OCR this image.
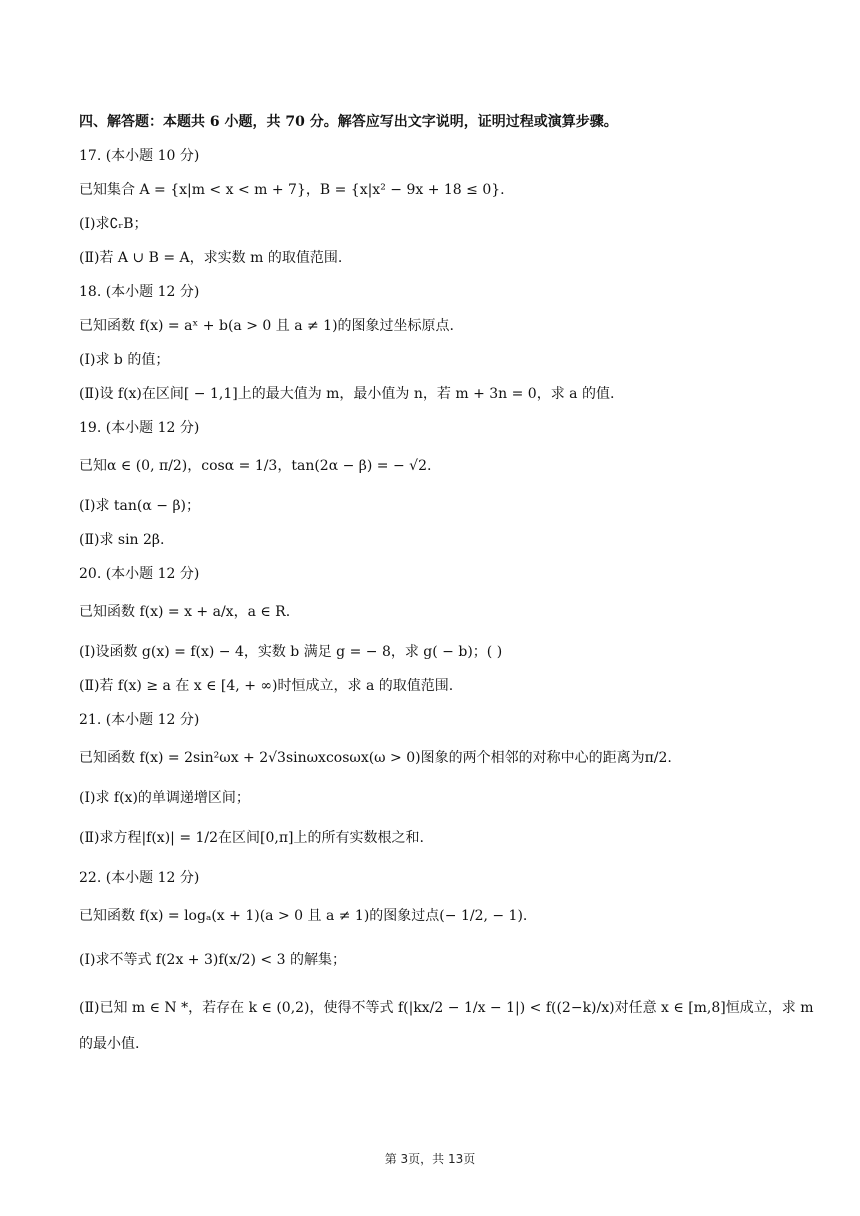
四、解答题：本题共 6 小题，共 70 分。解答应写出文字说明，证明过程或演算步骤。
17. (本小题 10 分)
已知集合 A = {x|m < x < m + 7}，B = {x|x² − 9x + 18 ≤ 0}.
(Ⅰ)求∁ᵣB；
(Ⅱ)若 A ∪ B = A，求实数 m 的取值范围.
18. (本小题 12 分)
已知函数 f(x) = aˣ + b(a > 0 且 a ≠ 1)的图象过坐标原点.
(Ⅰ)求 b 的值；
(Ⅱ)设 f(x)在区间[ − 1,1]上的最大值为 m，最小值为 n，若 m + 3n = 0，求 a 的值.
19. (本小题 12 分)
已知α ∈ (0, π/2)，cosα = 1/3，tan(2α − β) = − √2.
(Ⅰ)求 tan(α − β)；
(Ⅱ)求 sin 2β.
20. (本小题 12 分)
已知函数 f(x) = x + a/x，a ∈ R.
(Ⅰ)设函数 g(x) = f(x) − 4，实数 b 满足 g = − 8，求 g( − b)；( )
(Ⅱ)若 f(x) ≥ a 在 x ∈ [4, + ∞)时恒成立，求 a 的取值范围.
21. (本小题 12 分)
已知函数 f(x) = 2sin²ωx + 2√3sinωxcosωx(ω > 0)图象的两个相邻的对称中心的距离为π/2.
(Ⅰ)求 f(x)的单调递增区间；
(Ⅱ)求方程|f(x)| = 1/2在区间[0,π]上的所有实数根之和.
22. (本小题 12 分)
已知函数 f(x) = logₐ(x + 1)(a > 0 且 a ≠ 1)的图象过点(− 1/2, − 1).
(Ⅰ)求不等式 f(2x + 3)f(x/2) < 3 的解集；
(Ⅱ)已知 m ∈ N *，若存在 k ∈ (0,2)，使得不等式 f(|kx/2 − 1/x − 1|) < f((2−k)/x)对任意 x ∈ [m,8]恒成立，求 m
的最小值.
第 3页，共 13页
